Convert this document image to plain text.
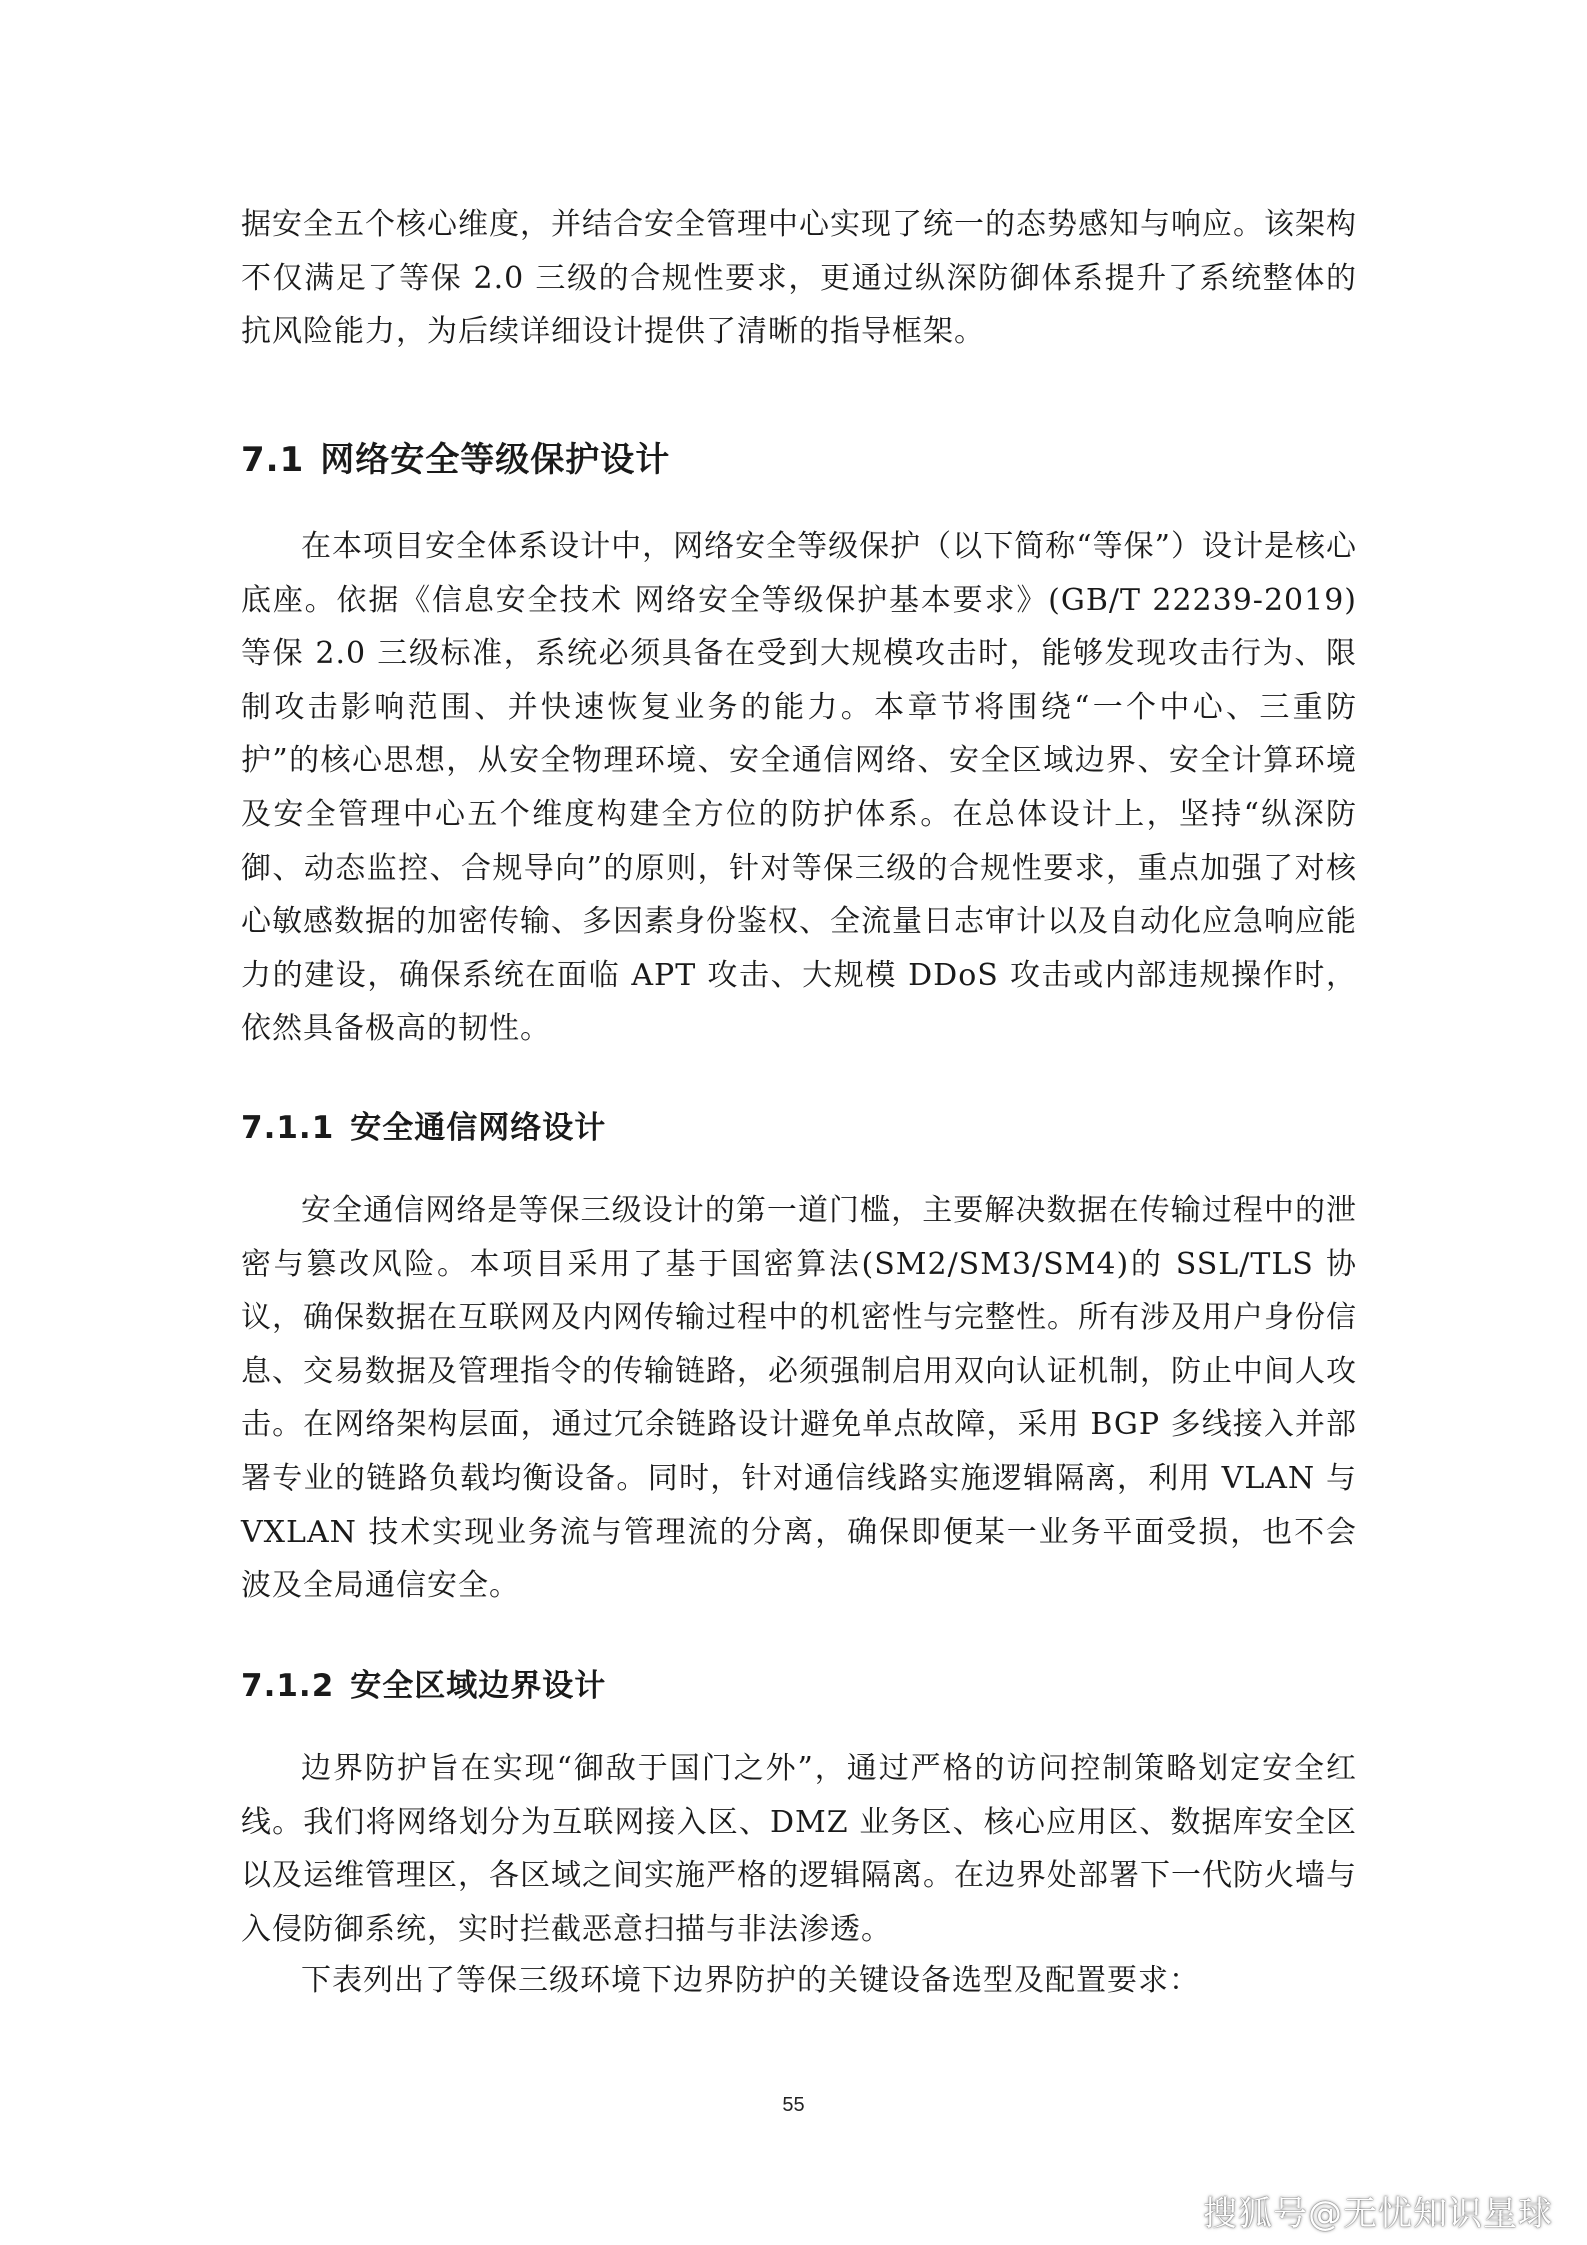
据安全五个核心维度，并结合安全管理中心实现了统一的态势感知与响应。该架构不仅满足了等保 2.0 三级的合规性要求，更通过纵深防御体系提升了系统整体的抗风险能力，为后续详细设计提供了清晰的指导框架。

7.1 网络安全等级保护设计

在本项目安全体系设计中，网络安全等级保护（以下简称“等保”）设计是核心底座。依据《信息安全技术 网络安全等级保护基本要求》(GB/T 22239-2019) 等保 2.0 三级标准，系统必须具备在受到大规模攻击时，能够发现攻击行为、限制攻击影响范围、并快速恢复业务的能力。本章节将围绕“一个中心、三重防护”的核心思想，从安全物理环境、安全通信网络、安全区域边界、安全计算环境及安全管理中心五个维度构建全方位的防护体系。在总体设计上，坚持“纵深防御、动态监控、合规导向”的原则，针对等保三级的合规性要求，重点加强了对核心敏感数据的加密传输、多因素身份鉴权、全流量日志审计以及自动化应急响应能力的建设，确保系统在面临 APT 攻击、大规模 DDoS 攻击或内部违规操作时，依然具备极高的韧性。

7.1.1 安全通信网络设计

安全通信网络是等保三级设计的第一道门槛，主要解决数据在传输过程中的泄密与篡改风险。本项目采用了基于国密算法(SM2/SM3/SM4)的 SSL/TLS 协议，确保数据在互联网及内网传输过程中的机密性与完整性。所有涉及用户身份信息、交易数据及管理指令的传输链路，必须强制启用双向认证机制，防止中间人攻击。在网络架构层面，通过冗余链路设计避免单点故障，采用 BGP 多线接入并部署专业的链路负载均衡设备。同时，针对通信线路实施逻辑隔离，利用 VLAN 与 VXLAN 技术实现业务流与管理流的分离，确保即便某一业务平面受损，也不会波及全局通信安全。

7.1.2 安全区域边界设计

边界防护旨在实现“御敌于国门之外”，通过严格的访问控制策略划定安全红线。我们将网络划分为互联网接入区、DMZ 业务区、核心应用区、数据库安全区以及运维管理区，各区域之间实施严格的逻辑隔离。在边界处部署下一代防火墙与入侵防御系统，实时拦截恶意扫描与非法渗透。

下表列出了等保三级环境下边界防护的关键设备选型及配置要求：

55
搜狐号@无忧知识星球
